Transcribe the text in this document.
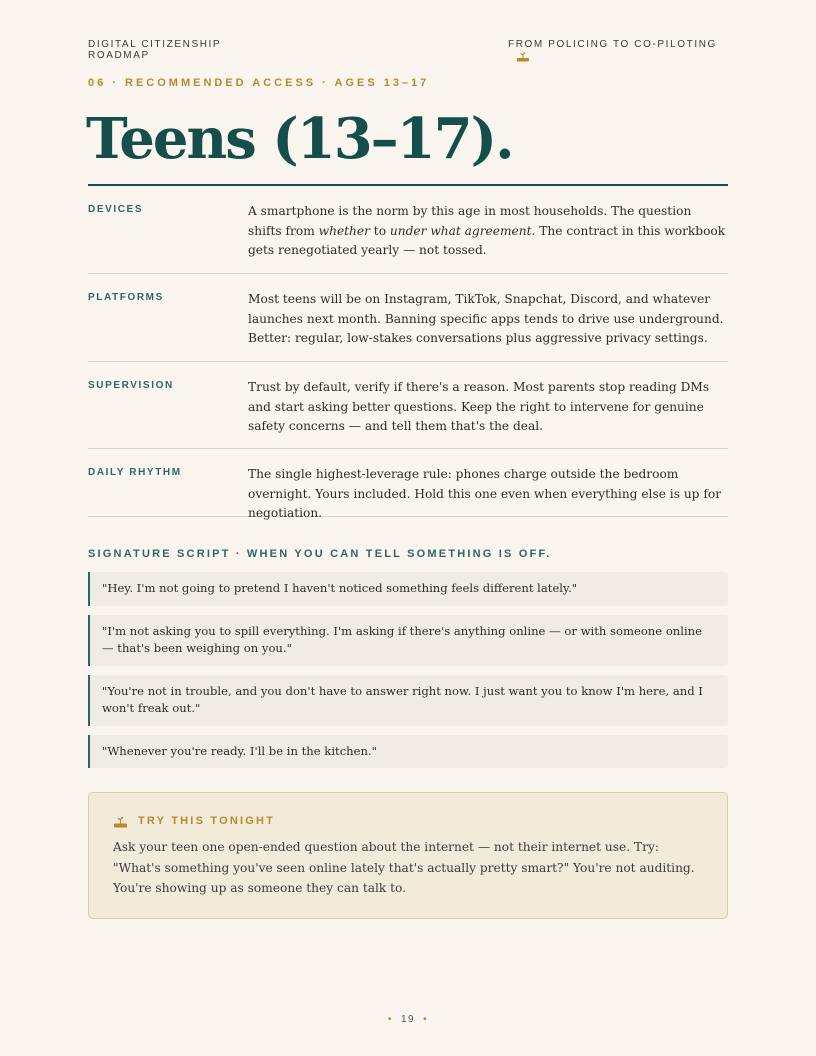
DIGITAL CITIZENSHIP
ROADMAP
FROM POLICING TO CO-PILOTING
06 · RECOMMENDED ACCESS · AGES 13–17
Teens (13–17).
DEVICES	A smartphone is the norm by this age in most households. The question shifts from whether to under what agreement. The contract in this workbook gets renegotiated yearly — not tossed.
PLATFORMS	Most teens will be on Instagram, TikTok, Snapchat, Discord, and whatever launches next month. Banning specific apps tends to drive use underground. Better: regular, low-stakes conversations plus aggressive privacy settings.
SUPERVISION	Trust by default, verify if there's a reason. Most parents stop reading DMs and start asking better questions. Keep the right to intervene for genuine safety concerns — and tell them that's the deal.
DAILY RHYTHM	The single highest-leverage rule: phones charge outside the bedroom overnight. Yours included. Hold this one even when everything else is up for negotiation.
SIGNATURE SCRIPT · WHEN YOU CAN TELL SOMETHING IS OFF.
"Hey. I'm not going to pretend I haven't noticed something feels different lately."
"I'm not asking you to spill everything. I'm asking if there's anything online — or with someone online — that's been weighing on you."
"You're not in trouble, and you don't have to answer right now. I just want you to know I'm here, and I won't freak out."
"Whenever you're ready. I'll be in the kitchen."
TRY THIS TONIGHT
Ask your teen one open-ended question about the internet — not their internet use. Try: "What's something you've seen online lately that's actually pretty smart?" You're not auditing. You're showing up as someone they can talk to.
• 19 •
